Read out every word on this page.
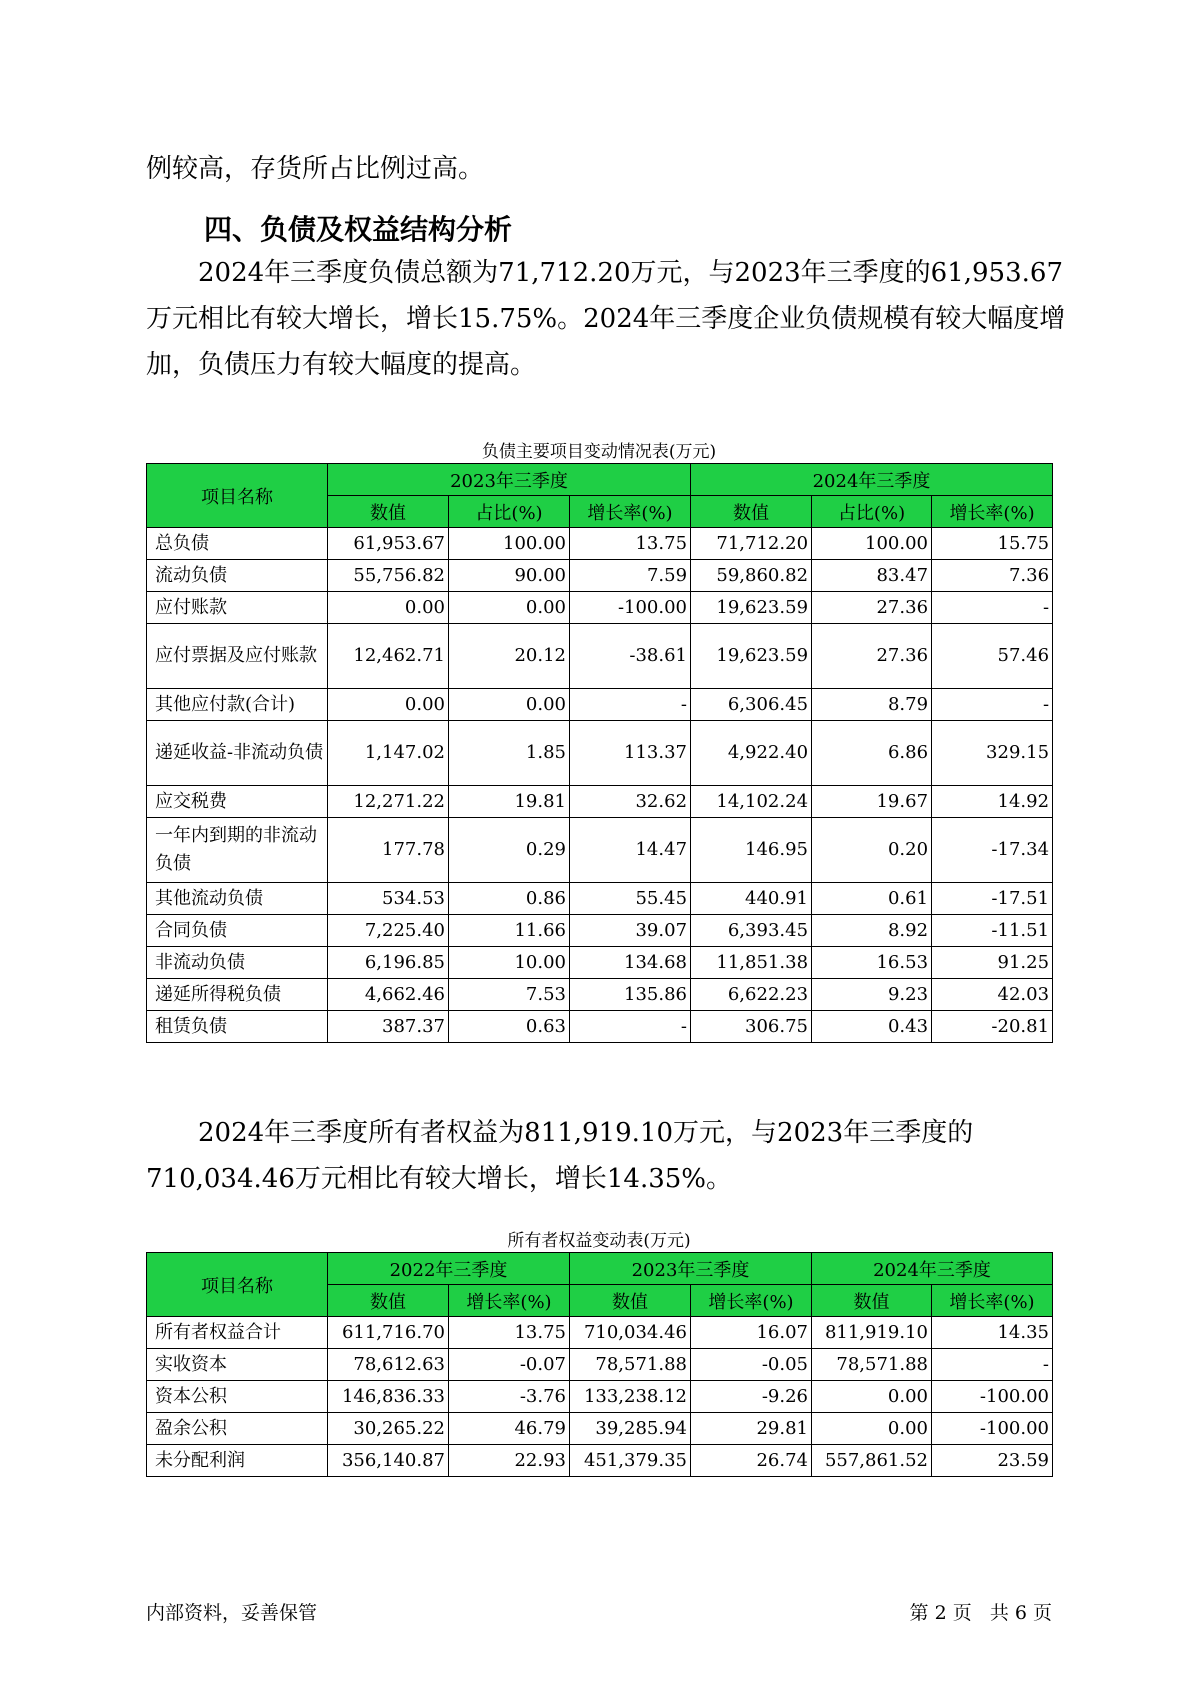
例较高，存货所占比例过高。

四、负债及权益结构分析

2024年三季度负债总额为71,712.20万元，与2023年三季度的61,953.67万元相比有较大增长，增长15.75%。2024年三季度企业负债规模有较大幅度增加，负债压力有较大幅度的提高。

负债主要项目变动情况表(万元)
项目名称	2023年三季度			2024年三季度		
	数值	占比(%)	增长率(%)	数值	占比(%)	增长率(%)
总负债	61,953.67	100.00	13.75	71,712.20	100.00	15.75
流动负债	55,756.82	90.00	7.59	59,860.82	83.47	7.36
应付账款	0.00	0.00	-100.00	19,623.59	27.36	-
应付票据及应付账款	12,462.71	20.12	-38.61	19,623.59	27.36	57.46
其他应付款(合计)	0.00	0.00	-	6,306.45	8.79	-
递延收益-非流动负债	1,147.02	1.85	113.37	4,922.40	6.86	329.15
应交税费	12,271.22	19.81	32.62	14,102.24	19.67	14.92
一年内到期的非流动负债	177.78	0.29	14.47	146.95	0.20	-17.34
其他流动负债	534.53	0.86	55.45	440.91	0.61	-17.51
合同负债	7,225.40	11.66	39.07	6,393.45	8.92	-11.51
非流动负债	6,196.85	10.00	134.68	11,851.38	16.53	91.25
递延所得税负债	4,662.46	7.53	135.86	6,622.23	9.23	42.03
租赁负债	387.37	0.63	-	306.75	0.43	-20.81

2024年三季度所有者权益为811,919.10万元，与2023年三季度的710,034.46万元相比有较大增长，增长14.35%。

所有者权益变动表(万元)
项目名称	2022年三季度		2023年三季度		2024年三季度	
	数值	增长率(%)	数值	增长率(%)	数值	增长率(%)
所有者权益合计	611,716.70	13.75	710,034.46	16.07	811,919.10	14.35
实收资本	78,612.63	-0.07	78,571.88	-0.05	78,571.88	-
资本公积	146,836.33	-3.76	133,238.12	-9.26	0.00	-100.00
盈余公积	30,265.22	46.79	39,285.94	29.81	0.00	-100.00
未分配利润	356,140.87	22.93	451,379.35	26.74	557,861.52	23.59
内部资料，妥善保管	第 2 页   共 6 页
